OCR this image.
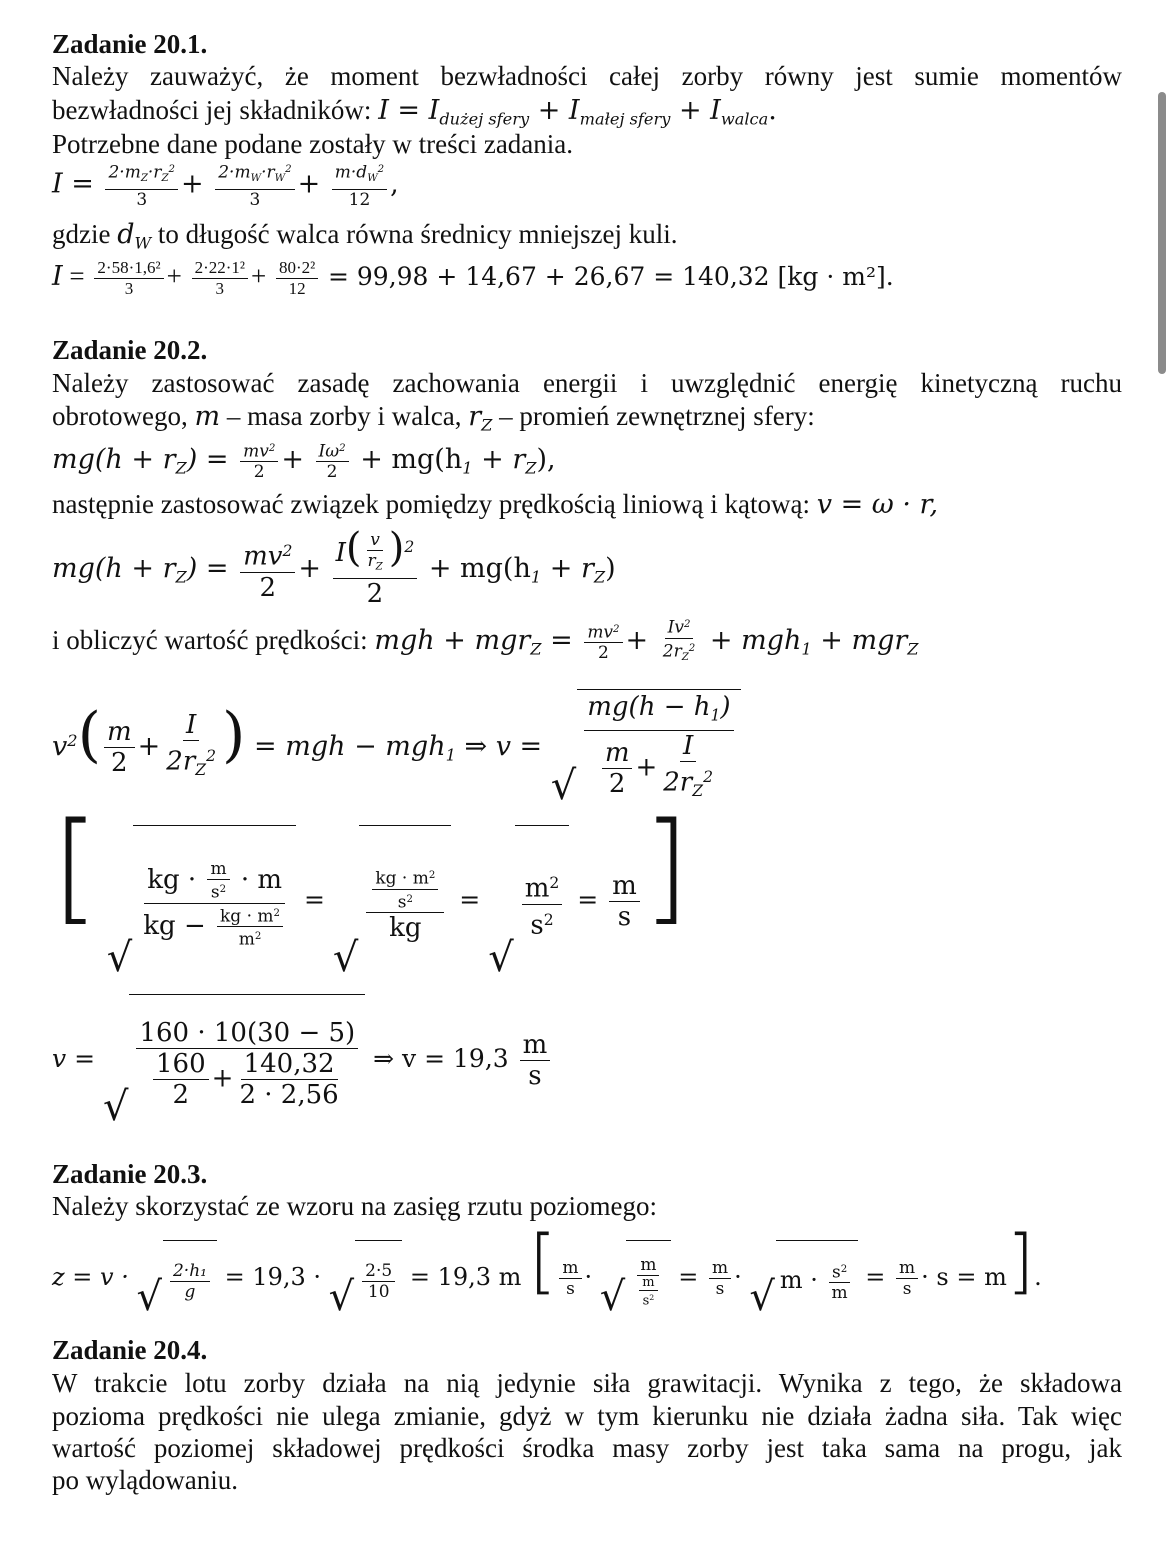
Zadanie 20.1.
Należy zauważyć, że moment bezwładności całej zorby równy jest sumie momentów
bezwładności jej składników: $I = I_{dużej sfery} + I_{małej sfery} + I_{walca}$.
Potrzebne dane podane zostały w treści zadania.
$I = \frac{2\cdot m_Z\cdot r_Z^2}{3} + \frac{2\cdot m_W\cdot r_W^2}{3} + \frac{m\cdot d_W^2}{12}$ ,
gdzie $d_W$ to długość walca równa średnicy mniejszej kuli.
$I = \frac{\text{2·58·1,6²}}{3} + \frac{\text{2·22·1²}}{3} + \frac{\text{80·2²}}{12} = 99,98 + 14,67 + 26,67 = 140,32$ [kg · m²].
Zadanie 20.2.
Należy zastosować zasadę zachowania energii i uwzględnić energię kinetyczną ruchu
obrotowego, m – masa zorby i walca, $r_Z$ – promień zewnętrznej sfery:
$mg(h + r_Z) = \frac{mv^2}{2} + \frac{I\omega^2}{2} + mg(h_1 + r_Z)$,
następnie zastosować związek pomiędzy prędkością liniową i kątową: v = ω · r,
$mg(h + r_Z) = \frac{mv^2}{2} + I( \frac{v}{r_Z} )^2$
2
+ $mg(h_1 + r_Z)$
i obliczyć wartość prędkości: mgh + $mgr_Z = \frac{mv^2}{2} + \frac{Iv^2}{2r_Z^2} + mgh_1 + mgr_Z$
$v^2( \frac{m}{2} + \frac{I}{2r_Z^2}$ ) = mgh − mgh$_1$ ⇒ v =
√ $\frac{mg(h - h_1)}{\frac{m}{2} + \frac{I}{2r_Z^2}}$
[
√
$\frac{kg \cdot \frac{m}{s^2} \cdot m}{kg - \frac{kg \cdot m^2}{m^2}}$ =
√
$\frac{\frac{kg \cdot m^2}{s^2}}{kg}$ =
√
$\frac{m^2}{s^2} = \frac{m}{s}$ ]
v =
√ $\frac{160 \cdot 10(30 - 5)}{\frac{160}{2} + \frac{140,32}{2 \cdot 2,56}}$ ⇒ $v = 19,3 \frac{m}{s}$
Zadanie 20.3.
Należy skorzystać ze wzoru na zasięg rzutu poziomego:
z = v · √ $\frac{\text{2·h₁}}{g} = 19,3$ · √ $\frac{2\cdot 5}{10} = 19,3$ m [ $\frac{m}{s}$ · √ $\frac{m}{\frac{m}{s^2}} = \frac{m}{s}$ · √ $m \cdot \frac{s^2}{m} = \frac{m}{s} \cdot s = m$].
Zadanie 20.4.
W trakcie lotu zorby działa na nią jedynie siła grawitacji. Wynika z tego, że składowa
pozioma prędkości nie ulega zmianie, gdyż w tym kierunku nie działa żadna siła. Tak więc
wartość poziomej składowej prędkości środka masy zorby jest taka sama na progu, jak
po wylądowaniu.
